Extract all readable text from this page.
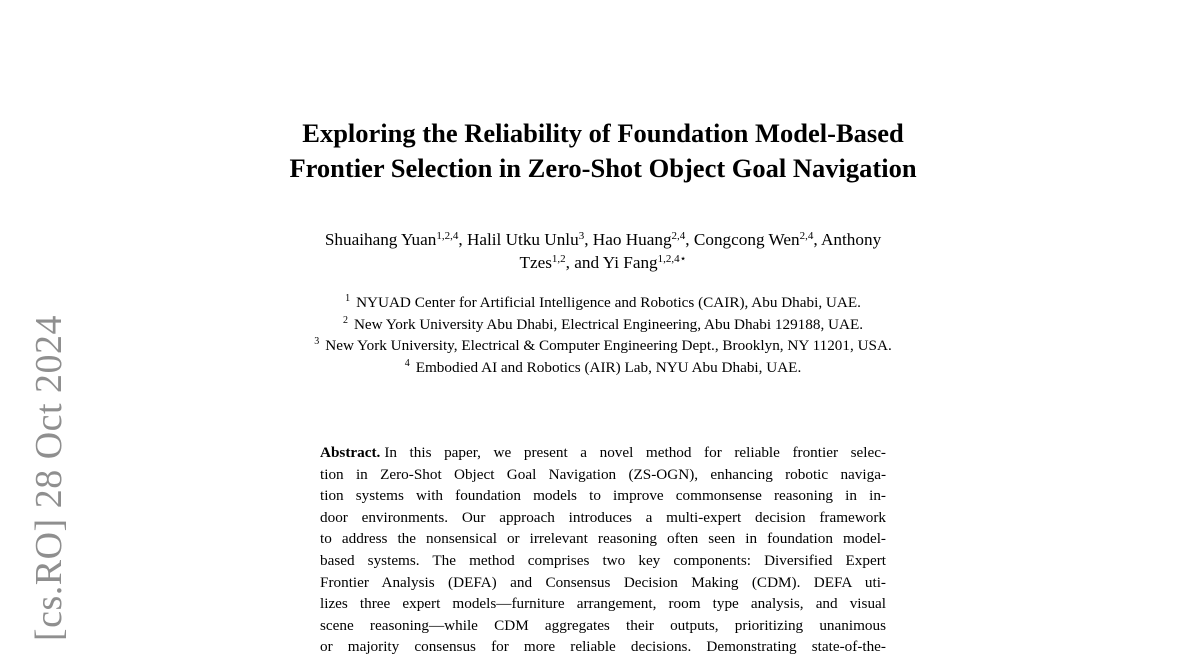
[cs.RO] 28 Oct 2024
Exploring the Reliability of Foundation Model-Based
Frontier Selection in Zero-Shot Object Goal Navigation
Shuaihang Yuan$^{1,2,4}$, Halil Utku Unlu$^3$, Hao Huang$^{2,4}$, Congcong Wen$^{2,4}$, Anthony
Tzes$^{1,2}$, and Yi Fang$^{1,2,4⋆}$
$^1$ NYUAD Center for Artificial Intelligence and Robotics (CAIR), Abu Dhabi, UAE.
$^2$ New York University Abu Dhabi, Electrical Engineering, Abu Dhabi 129188, UAE.
$^3$ New York University, Electrical & Computer Engineering Dept., Brooklyn, NY 11201, USA.
$^4$ Embodied AI and Robotics (AIR) Lab, NYU Abu Dhabi, UAE.
Abstract. In this paper, we present a novel method for reliable frontier selec-
tion in Zero-Shot Object Goal Navigation (ZS-OGN), enhancing robotic naviga-
tion systems with foundation models to improve commonsense reasoning in in-
door environments. Our approach introduces a multi-expert decision framework
to address the nonsensical or irrelevant reasoning often seen in foundation model-
based systems. The method comprises two key components: Diversified Expert
Frontier Analysis (DEFA) and Consensus Decision Making (CDM). DEFA uti-
lizes three expert models—furniture arrangement, room type analysis, and visual
scene reasoning—while CDM aggregates their outputs, prioritizing unanimous
or majority consensus for more reliable decisions. Demonstrating state-of-the-
